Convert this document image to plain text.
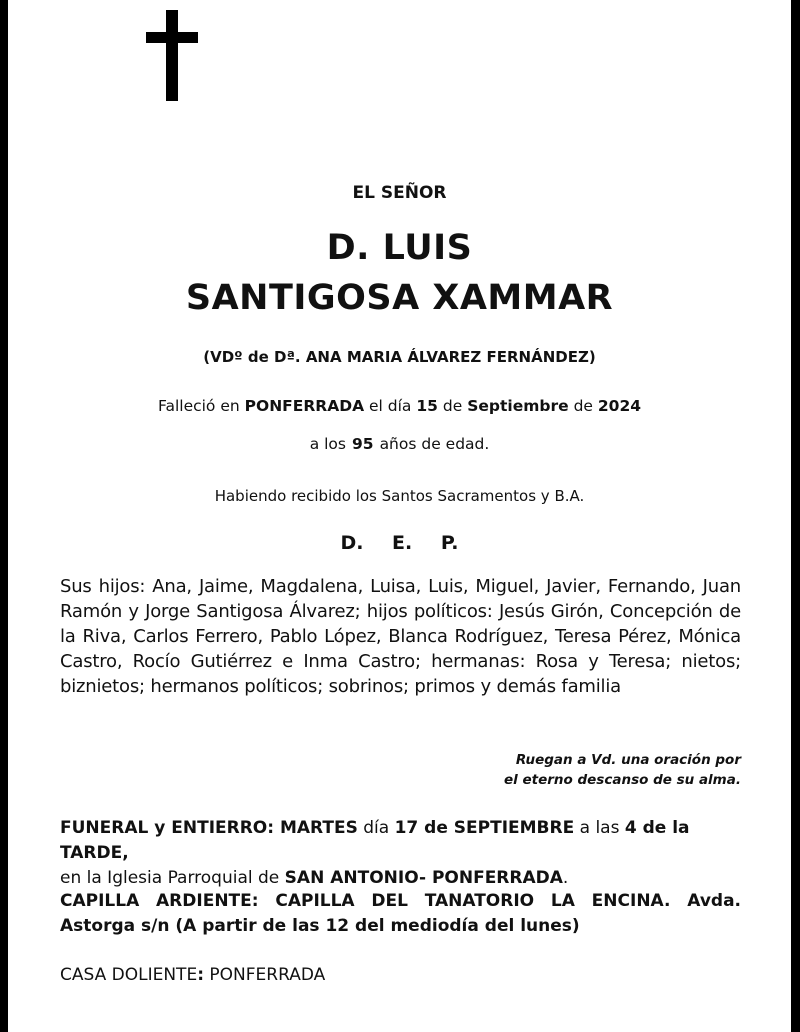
EL SEÑOR
D. LUIS
SANTIGOSA XAMMAR
(VDº de Dª. ANA MARIA ÁLVAREZ FERNÁNDEZ)
Falleció en PONFERRADA el día 15 de Septiembre de 2024
a los 95 años de edad.
Habiendo recibido los Santos Sacramentos y B.A.
D. E. P.
Sus hijos: Ana, Jaime, Magdalena, Luisa, Luis, Miguel, Javier, Fernando, Juan Ramón y Jorge Santigosa Álvarez; hijos políticos: Jesús Girón, Concepción de la Riva, Carlos Ferrero, Pablo López, Blanca Rodríguez, Teresa Pérez, Mónica Castro, Rocío Gutiérrez e Inma Castro; hermanas: Rosa y Teresa; nietos; biznietos; hermanos políticos; sobrinos; primos y demás familia
Ruegan a Vd. una oración por
el eterno descanso de su alma.
FUNERAL y ENTIERRO: MARTES día 17 de SEPTIEMBRE a las 4 de la TARDE,
en la Iglesia Parroquial de SAN ANTONIO- PONFERRADA.
CAPILLA ARDIENTE: CAPILLA DEL TANATORIO LA ENCINA. Avda. Astorga s/n (A partir de las 12 del mediodía del lunes)
CASA DOLIENTE: PONFERRADA
